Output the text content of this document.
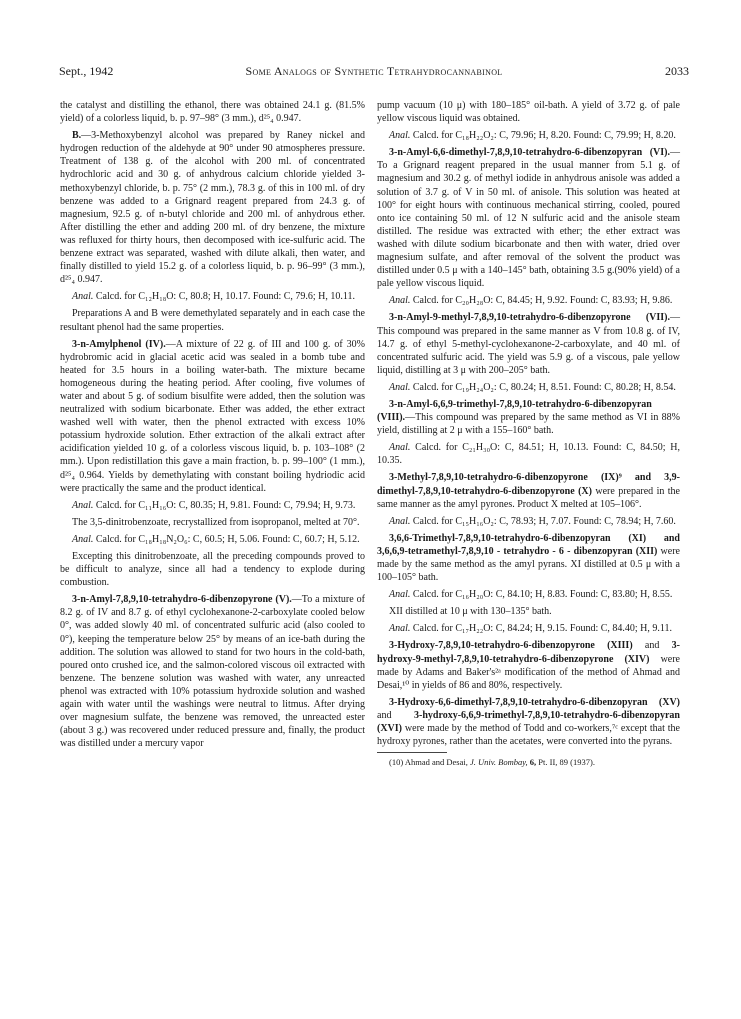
Sept., 1942	Some Analogs of Synthetic Tetrahydrocannabinol	2033

the catalyst and distilling the ethanol, there was obtained 24.1 g. (81.5% yield) of a colorless liquid, b. p. 97–98° (3 mm.), d²⁵₄ 0.947.

B.—3-Methoxybenzyl alcohol was prepared by Raney nickel and hydrogen reduction of the aldehyde at 90° under 90 atmospheres pressure. Treatment of 138 g. of the alcohol with 200 ml. of concentrated hydrochloric acid and 30 g. of anhydrous calcium chloride yielded 3-methoxybenzyl chloride, b. p. 75° (2 mm.), 78.3 g. of this in 100 ml. of dry benzene was added to a Grignard reagent prepared from 24.3 g. of magnesium, 92.5 g. of n-butyl chloride and 200 ml. of anhydrous ether. After distilling the ether and adding 200 ml. of dry benzene, the mixture was refluxed for thirty hours, then decomposed with ice-sulfuric acid. The benzene extract was separated, washed with dilute alkali, then water, and finally distilled to yield 15.2 g. of a colorless liquid, b. p. 96–99° (3 mm.), d²⁵₄ 0.947.

Anal. Calcd. for C₁₂H₁₈O: C, 80.8; H, 10.17. Found: C, 79.6; H, 10.11.

Preparations A and B were demethylated separately and in each case the resultant phenol had the same properties.

3-n-Amylphenol (IV).—A mixture of 22 g. of III and 100 g. of 30% hydrobromic acid in glacial acetic acid was sealed in a bomb tube and heated for 3.5 hours in a boiling water-bath. The mixture became homogeneous during the heating period. After cooling, five volumes of water and about 5 g. of sodium bisulfite were added, then the solution was neutralized with sodium bicarbonate. Ether was added, the ether extract washed well with water, then the phenol extracted with excess 10% potassium hydroxide solution. Ether extraction of the alkali extract after acidification yielded 10 g. of a colorless viscous liquid, b. p. 103–108° (2 mm.). Upon redistillation this gave a main fraction, b. p. 99–100° (1 mm.), d²⁵₄ 0.964. Yields by demethylating with constant boiling hydriodic acid were practically the same and the product identical.

Anal. Calcd. for C₁₁H₁₆O: C, 80.35; H, 9.81. Found: C, 79.94; H, 9.73.

The 3,5-dinitrobenzoate, recrystallized from isopropanol, melted at 70°.

Anal. Calcd. for C₁₈H₁₈N₂O₆: C, 60.5; H, 5.06. Found: C, 60.7; H, 5.12.

Excepting this dinitrobenzoate, all the preceding compounds proved to be difficult to analyze, since all had a tendency to explode during combustion.

3-n-Amyl-7,8,9,10-tetrahydro-6-dibenzopyrone (V).—To a mixture of 8.2 g. of IV and 8.7 g. of ethyl cyclohexanone-2-carboxylate cooled below 0°, was added slowly 40 ml. of concentrated sulfuric acid (also cooled to 0°), keeping the temperature below 25° by means of an ice-bath during the addition. The solution was allowed to stand for two hours in the cold-bath, poured onto crushed ice, and the salmon-colored viscous oil extracted with benzene. The benzene solution was washed with water, any unreacted phenol was extracted with 10% potassium hydroxide solution and washed again with water until the washings were neutral to litmus. After drying over magnesium sulfate, the benzene was removed, the unreacted ester (about 3 g.) was recovered under reduced pressure and, finally, the product was distilled under a mercury vapor

pump vacuum (10 μ) with 180–185° oil-bath. A yield of 3.72 g. of pale yellow viscous liquid was obtained.

Anal. Calcd. for C₁₈H₂₂O₂: C, 79.96; H, 8.20. Found: C, 79.99; H, 8.20.

3-n-Amyl-6,6-dimethyl-7,8,9,10-tetrahydro-6-dibenzopyran (VI).—To a Grignard reagent prepared in the usual manner from 5.1 g. of magnesium and 30.2 g. of methyl iodide in anhydrous anisole was added a solution of 3.7 g. of V in 50 ml. of anisole. This solution was heated at 100° for eight hours with continuous mechanical stirring, cooled, poured onto ice containing 50 ml. of 12 N sulfuric acid and the anisole steam distilled. The residue was extracted with ether; the ether extract was washed with dilute sodium bicarbonate and then with water, dried over magnesium sulfate, and after removal of the solvent the product was distilled under 0.5 μ with a 140–145° bath, obtaining 3.5 g.(90% yield) of a pale yellow viscous liquid.

Anal. Calcd. for C₂₀H₂₈O: C, 84.45; H, 9.92. Found: C, 83.93; H, 9.86.

3-n-Amyl-9-methyl-7,8,9,10-tetrahydro-6-dibenzopyrone (VII).—This compound was prepared in the same manner as V from 10.8 g. of IV, 14.7 g. of ethyl 5-methyl-cyclohexanone-2-carboxylate, and 40 ml. of concentrated sulfuric acid. The yield was 5.9 g. of a viscous, pale yellow liquid, distilling at 3 μ with 200–205° bath.

Anal. Calcd. for C₁₉H₂₄O₂: C, 80.24; H, 8.51. Found: C, 80.28; H, 8.54.

3-n-Amyl-6,6,9-trimethyl-7,8,9,10-tetrahydro-6-dibenzopyran (VIII).—This compound was prepared by the same method as VI in 88% yield, distilling at 2 μ with a 155–160° bath.

Anal. Calcd. for C₂₁H₃₀O: C, 84.51; H, 10.13. Found: C, 84.50; H, 10.35.

3-Methyl-7,8,9,10-tetrahydro-6-dibenzopyrone (IX)⁹ and 3,9-dimethyl-7,8,9,10-tetrahydro-6-dibenzopyrone (X) were prepared in the same manner as the amyl pyrones. Product X melted at 105–106°.

Anal. Calcd. for C₁₅H₁₆O₂: C, 78.93; H, 7.07. Found: C, 78.94; H, 7.60.

3,6,6-Trimethyl-7,8,9,10-tetrahydro-6-dibenzopyran (XI) and 3,6,6,9-tetramethyl-7,8,9,10 - tetrahydro - 6 - dibenzopyran (XII) were made by the same method as the amyl pyrans. XI distilled at 0.5 μ with a 100–105° bath.

Anal. Calcd. for C₁₆H₂₀O: C, 84.10; H, 8.83. Found: C, 83.80; H, 8.55.

XII distilled at 10 μ with 130–135° bath.

Anal. Calcd. for C₁₇H₂₂O: C, 84.24; H, 9.15. Found: C, 84.40; H, 9.11.

3-Hydroxy-7,8,9,10-tetrahydro-6-dibenzopyrone (XIII) and 3-hydroxy-9-methyl-7,8,9,10-tetrahydro-6-dibenzopyrone (XIV) were made by Adams and Baker's²ᵃ modification of the method of Ahmad and Desai,¹⁰ in yields of 86 and 80%, respectively.

3-Hydroxy-6,6-dimethyl-7,8,9,10-tetrahydro-6-dibenzopyran (XV) and 3-hydroxy-6,6,9-trimethyl-7,8,9,10-tetrahydro-6-dibenzopyran (XVI) were made by the method of Todd and co-workers,⁷ᶜ except that the hydroxy pyrones, rather than the acetates, were converted into the pyrans.

(10) Ahmad and Desai, J. Univ. Bombay, 6, Pt. II, 89 (1937).
